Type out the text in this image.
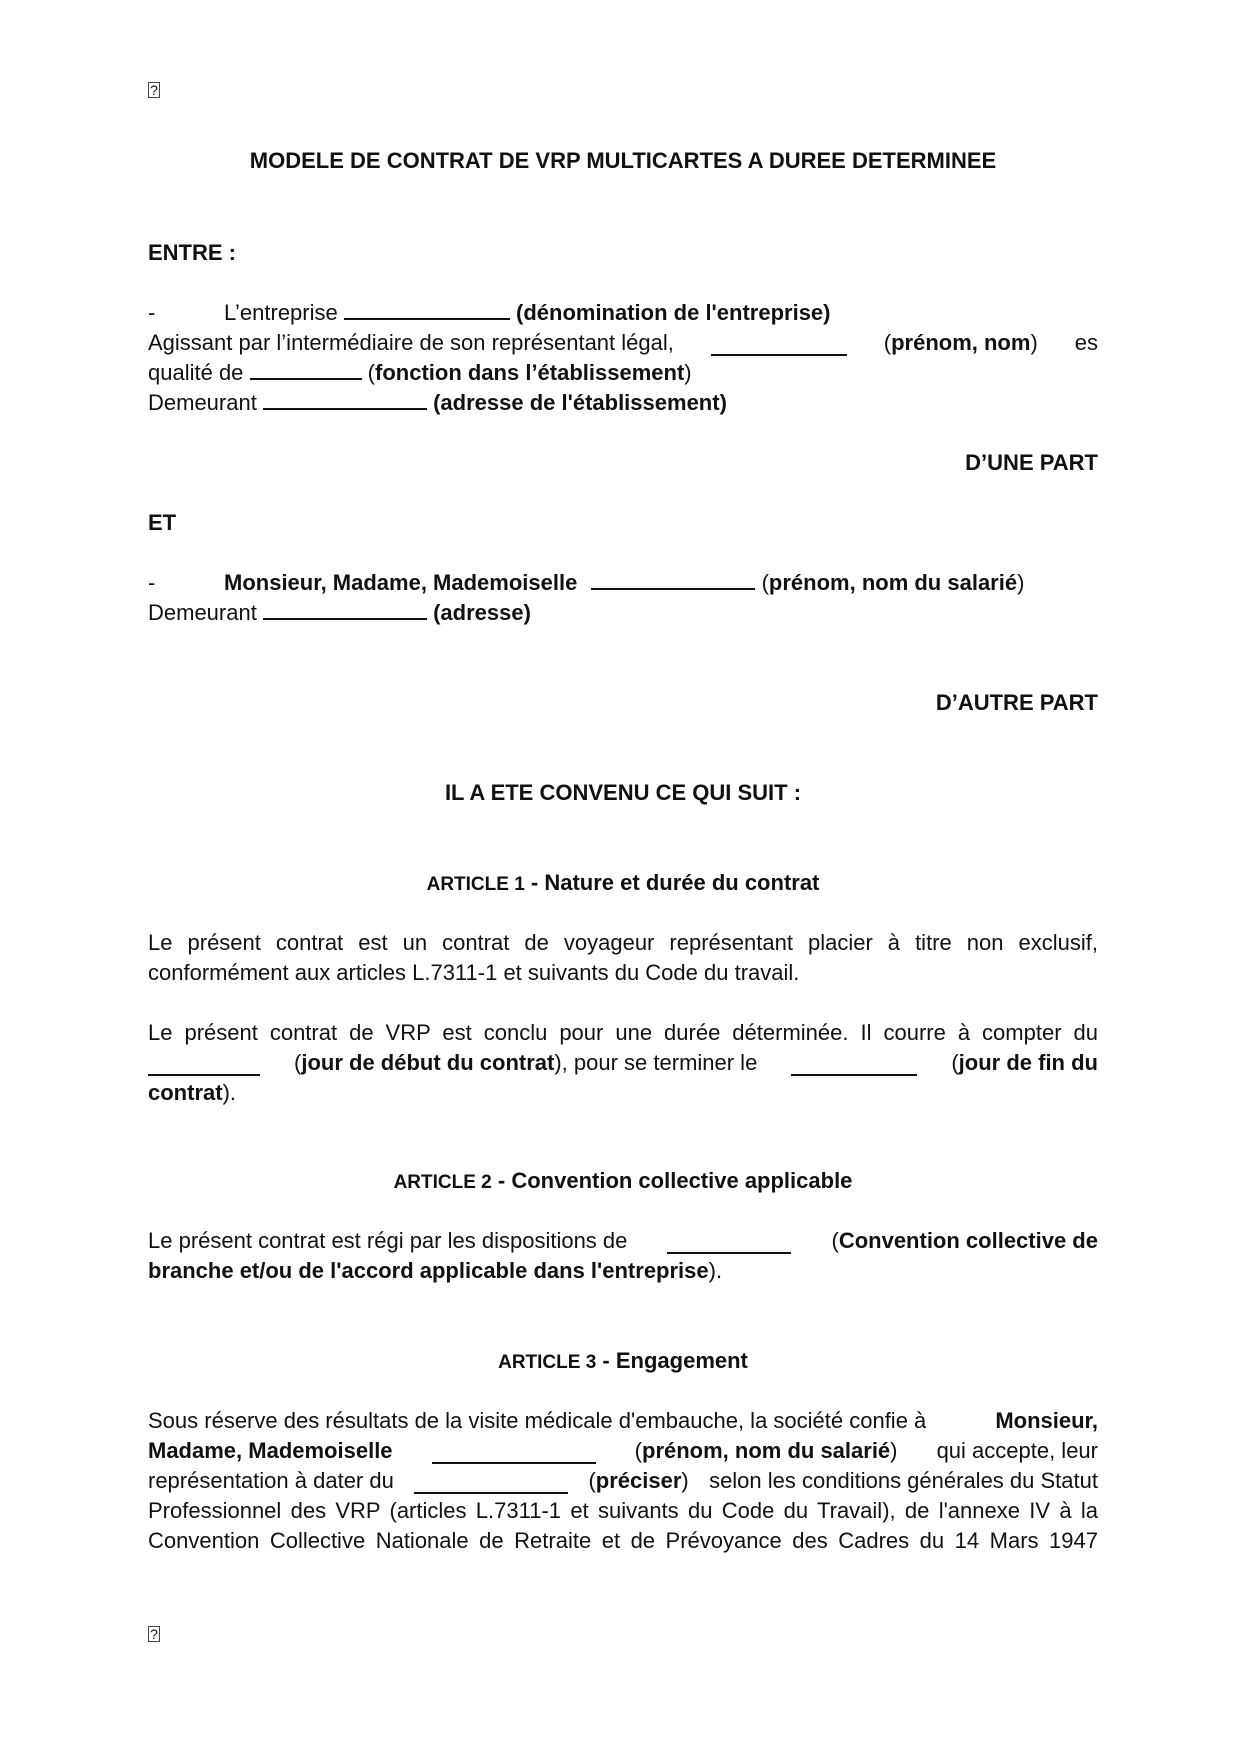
?
MODELE DE CONTRAT DE VRP MULTICARTES A DUREE DETERMINEE
ENTRE :
-	L’entreprise	(dénomination de l'entreprise)
Agissant par l’intermédiaire de son représentant légal,	(prénom, nom) es
qualité de	(fonction dans l’établissement)
Demeurant	(adresse de l'établissement)
D’UNE PART
ET
-	Monsieur, Madame, Mademoiselle	(prénom, nom du salarié)
Demeurant	(adresse)
D’AUTRE PART
IL A ETE CONVENU CE QUI SUIT :
ARTICLE 1 - Nature et durée du contrat
Le présent contrat est un contrat de voyageur représentant placier à titre non exclusif, conformément aux articles L.7311-1 et suivants du Code du travail.
Le présent contrat de VRP est conclu pour une durée déterminée. Il courre à compter du
(jour de début du contrat), pour se terminer le	(jour de fin du
contrat).
ARTICLE 2 - Convention collective applicable
Le présent contrat est régi par les dispositions de	(Convention collective de
branche et/ou de l'accord applicable dans l'entreprise).
ARTICLE 3 - Engagement
Sous réserve des résultats de la visite médicale d'embauche, la société confie à	Monsieur,
Madame, Mademoiselle	(prénom, nom du salarié) qui accepte, leur
représentation à dater du	(préciser) selon les conditions générales du Statut
Professionnel des VRP (articles L.7311-1 et suivants du Code du Travail), de l'annexe IV à la
Convention Collective Nationale de Retraite et de Prévoyance des Cadres du 14 Mars 1947
?
